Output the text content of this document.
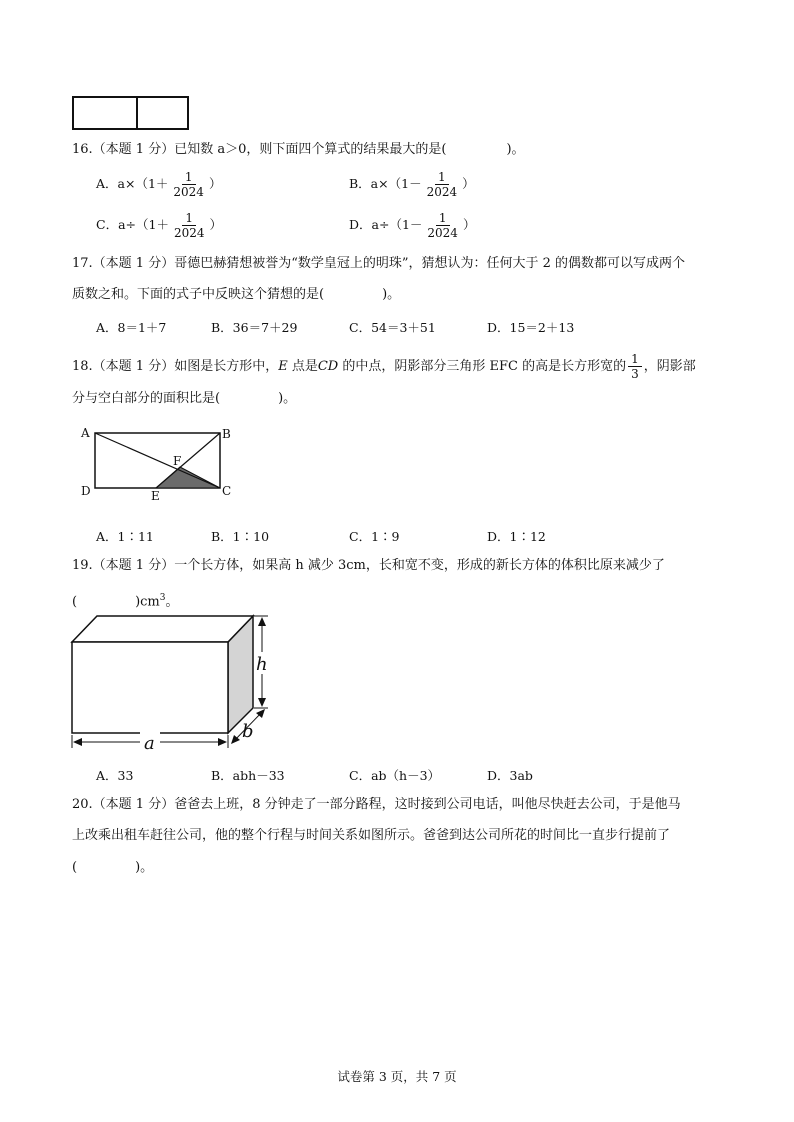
16.（本题 1 分）已知数 a＞0，则下面四个算式的结果最大的是(	)。
A．$a\times(1+ \frac{1}{2024}$ ）	B．$a\times(1- \frac{1}{2024}$ ）
C．$a\div(1+ \frac{1}{2024}$ ）	D．$a\div(1- \frac{1}{2024}$ ）
17.（本题 1 分）哥德巴赫猜想被誉为“数学皇冠上的明珠”，猜想认为：任何大于 2 的偶数都可以写成两个
质数之和。下面的式子中反映这个猜想的是(	)。
A．8＝1＋7	B．36＝7＋29	C．54＝3＋51	D．15＝2＋13
18.（本题 1 分）如图是长方形中，E 点是CD 的中点，阴影部分三角形 EFC 的高是长方形宽的 $\frac{1}{3}$ ，阴影部
分与空白部分的面积比是(	)。
A	B
C
D	E
F
A．1∶11	B．1∶10	C．1∶9	D．1∶12
19.（本题 1 分）一个长方体，如果高 h 减少 3cm，长和宽不变，形成的新长方体的体积比原来减少了
(	)$cm^3$。
h
a
b
A．33	B．abh－33	C．ab（h－3）	D．3ab
20.（本题 1 分）爸爸去上班，8 分钟走了一部分路程，这时接到公司电话，叫他尽快赶去公司，于是他马
上改乘出租车赶往公司，他的整个行程与时间关系如图所示。爸爸到达公司所花的时间比一直步行提前了
(	)。
试卷第 3 页，共 7 页
